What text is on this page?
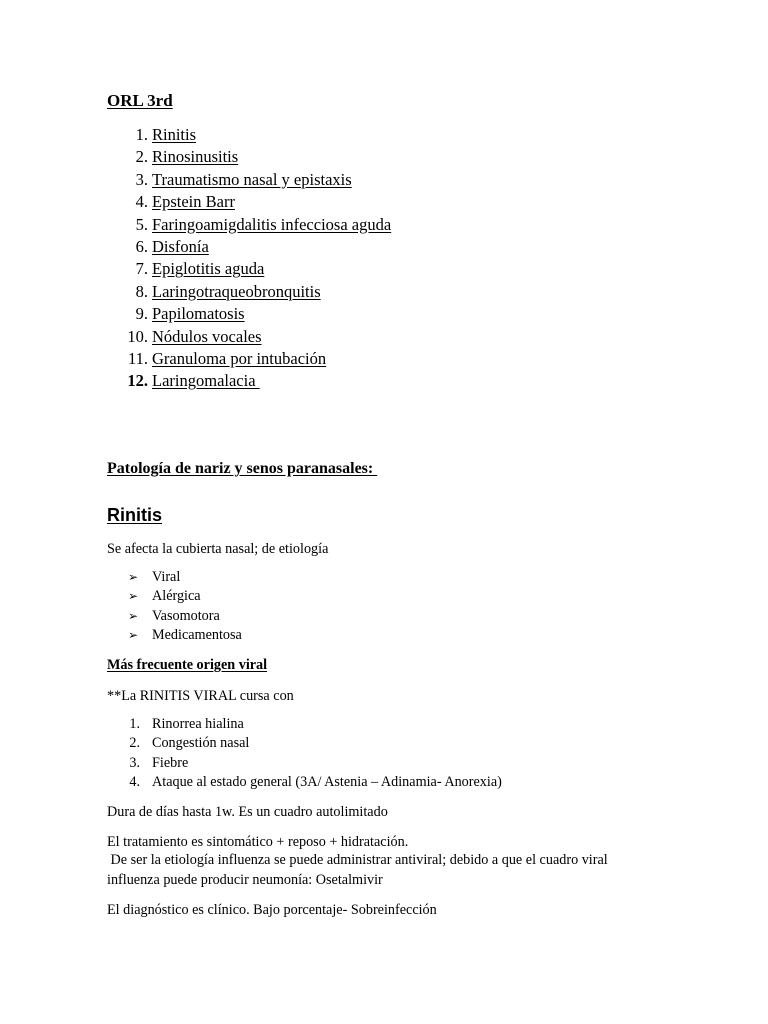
ORL 3rd
1. Rinitis
2. Rinosinusitis
3. Traumatismo nasal y epistaxis
4. Epstein Barr
5. Faringoamigdalitis infecciosa aguda
6. Disfonía
7. Epiglotitis aguda
8. Laringotraqueobronquitis
9. Papilomatosis
10. Nódulos vocales
11. Granuloma por intubación
12. Laringomalacia
Patología de nariz y senos paranasales:
Rinitis

Se afecta la cubierta nasal; de etiología

➢ Viral
➢ Alérgica
➢ Vasomotora
➢ Medicamentosa
Más frecuente origen viral

**La RINITIS VIRAL cursa con

1. Rinorrea hialina
2. Congestión nasal
3. Fiebre
4. Ataque al estado general (3A/ Astenia – Adinamia- Anorexia)

Dura de días hasta 1w. Es un cuadro autolimitado

El tratamiento es sintomático + reposo + hidratación.

De ser la etiología influenza se puede administrar antiviral; debido a que el cuadro viral

influenza puede producir neumonía: Osetalmivir

El diagnóstico es clínico. Bajo porcentaje- Sobreinfección
